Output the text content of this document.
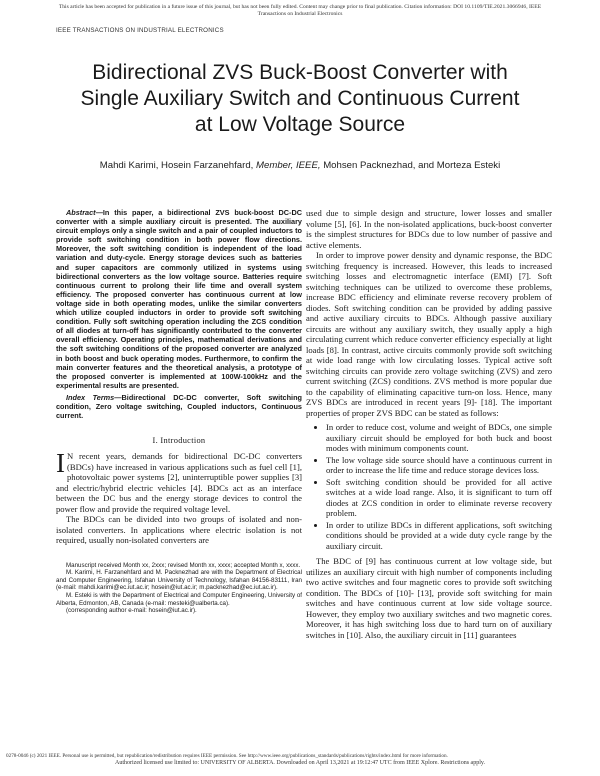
This article has been accepted for publication in a future issue of this journal, but has not been fully edited. Content may change prior to final publication. Citation information: DOI 10.1109/TIE.2021.3066946, IEEE
Transactions on Industrial Electronics
IEEE TRANSACTIONS ON INDUSTRIAL ELECTRONICS
Bidirectional ZVS Buck-Boost Converter with
Single Auxiliary Switch and Continuous Current
at Low Voltage Source
Mahdi Karimi, Hosein Farzanehfard, Member, IEEE, Mohsen Packnezhad, and Morteza Esteki

Abstract—In this paper, a bidirectional ZVS buck-boost DC-DC converter with a simple auxiliary circuit is presented. The auxiliary circuit employs only a single switch and a pair of coupled inductors to provide soft switching condition in both power flow directions. Moreover, the soft switching condition is independent of the load variation and duty-cycle. Energy storage devices such as batteries and super capacitors are commonly utilized in systems using bidirectional converters as the low voltage source. Batteries require continuous current to prolong their life time and overall system efficiency. The proposed converter has continuous current at low voltage side in both operating modes, unlike the similar converters which utilize coupled inductors in order to provide soft switching condition. Fully soft switching operation including the ZCS condition of all diodes at turn-off has significantly contributed to the converter overall efficiency. Operating principles, mathematical derivations and the soft switching conditions of the proposed converter are analyzed in both boost and buck operating modes. Furthermore, to confirm the main converter features and the theoretical analysis, a prototype of the proposed converter is implemented at 100W-100kHz and the experimental results are presented.

Index Terms—Bidirectional DC-DC converter, Soft switching condition, Zero voltage switching, Coupled inductors, Continuous current.

I. Introduction

I N recent years, demands for bidirectional DC-DC converters (BDCs) have increased in various applications such as fuel cell [1], photovoltaic power systems [2], uninterruptible power supplies [3] and electric/hybrid electric vehicles [4]. BDCs act as an interface between the DC bus and the energy storage devices to control the power flow and provide the required voltage level.

The BDCs can be divided into two groups of isolated and non-isolated converters. In applications where electric isolation is not required, usually non-isolated converters are

Manuscript received Month xx, 2xxx; revised Month xx, xxxx; accepted Month x, xxxx.

M. Karimi, H. Farzanehfard and M. Packnezhad are with the Department of Electrical and Computer Engineering, Isfahan University of Technology, Isfahan 84156-83111, Iran (e-mail: mahdi.karimi@ec.iut.ac.ir; hosein@iut.ac.ir; m.packnezhad@ec.iut.ac.ir).

M. Esteki is with the Department of Electrical and Computer Engineering, University of Alberta, Edmonton, AB, Canada (e-mail: mesteki@ualberta.ca).

(corresponding author e-mail: hosein@iut.ac.ir).

used due to simple design and structure, lower losses and smaller volume [5], [6]. In the non-isolated applications, buck-boost converter is the simplest structures for BDCs due to low number of passive and active elements.

In order to improve power density and dynamic response, the BDC switching frequency is increased. However, this leads to increased switching losses and electromagnetic interface (EMI) [7]. Soft switching techniques can be utilized to overcome these problems, increase BDC efficiency and eliminate reverse recovery problem of diodes. Soft switching condition can be provided by adding passive and active auxiliary circuits to BDCs. Although passive auxiliary circuits are without any auxiliary switch, they usually apply a high circulating current which reduce converter efficiency especially at light loads [8]. In contrast, active circuits commonly provide soft switching at wide load range with low circulating losses. Typical active soft switching circuits can provide zero voltage switching (ZVS) and zero current switching (ZCS) conditions. ZVS method is more popular due to the capability of eliminating capacitive turn-on loss. Hence, many ZVS BDCs are introduced in recent years [9]- [18]. The important properties of proper ZVS BDC can be stated as follows:

• In order to reduce cost, volume and weight of BDCs, one simple auxiliary circuit should be employed for both buck and boost modes with minimum components count.
• The low voltage side source should have a continuous current in order to increase the life time and reduce storage devices loss.
• Soft switching condition should be provided for all active switches at a wide load range. Also, it is significant to turn off diodes at ZCS condition in order to eliminate reverse recovery problem.
• In order to utilize BDCs in different applications, soft switching conditions should be provided at a wide duty cycle range by the auxiliary circuit.

The BDC of [9] has continuous current at low voltage side, but utilizes an auxiliary circuit with high number of components including two active switches and four magnetic cores to provide soft switching condition. The BDCs of [10]- [13], provide soft switching for main switches and have continuous current at low side voltage source. However, they employ two auxiliary switches and two magnetic cores. Moreover, it has high switching loss due to hard turn on of auxiliary switches in [10]. Also, the auxiliary circuit in [11] guarantees

0278-0046 (c) 2021 IEEE. Personal use is permitted, but republication/redistribution requires IEEE permission. See http://www.ieee.org/publications_standards/publications/rights/index.html for more information.
Authorized licensed use limited to: UNIVERSITY OF ALBERTA. Downloaded on April 13,2021 at 19:12:47 UTC from IEEE Xplore. Restrictions apply.
